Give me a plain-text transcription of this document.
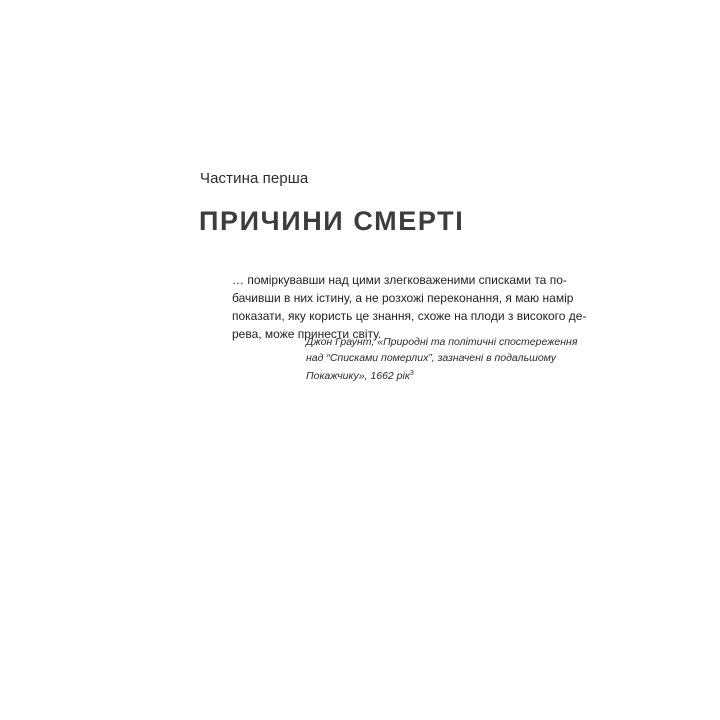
Частина перша
ПРИЧИНИ СМЕРТІ

… поміркувавши над цими злегковаженими списками та по-
бачивши в них істину, а не розхожі переконання, я маю намір
показати, яку користь це знання, схоже на плоди з високого де-
рева, може принести світу.

Джон Граунт, «Природні та політичні спостереження
над “Списками померлих”, зазначені в подальшому
Покажчику», 1662 рік$^3$
